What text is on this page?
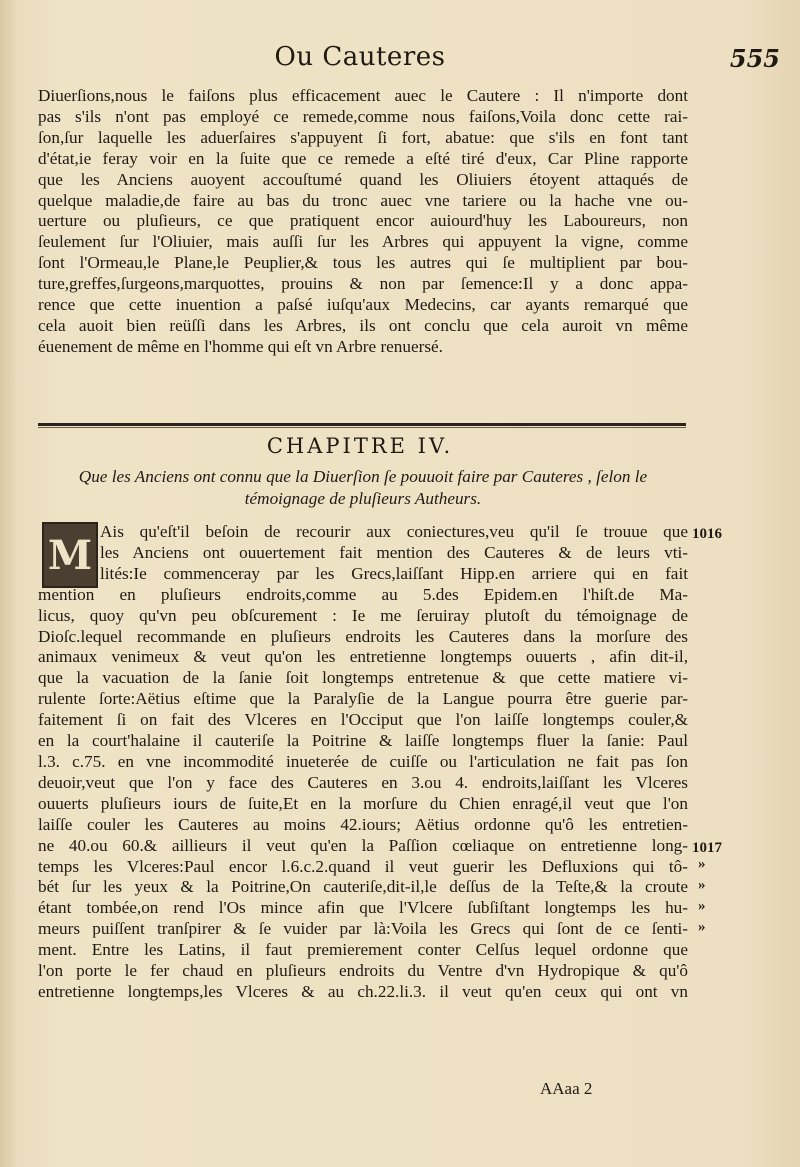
Ou Cauteres	555
Diuerſions,nous le faiſons plus efficacement auec le Cautere : Il n'importe dont
pas s'ils n'ont pas employé ce remede,comme nous faiſons,Voila donc cette rai-
ſon,ſur laquelle les aduerſaires s'appuyent ſi fort, abatue: que s'ils en font tant
d'état,ie feray voir en la ſuite que ce remede a eſté tiré d'eux, Car Pline rapporte
que les Anciens auoyent accouſtumé quand les Oliuiers étoyent attaqués de
quelque maladie,de faire au bas du tronc auec vne tariere ou la hache vne ou-
uerture ou pluſieurs, ce que pratiquent encor auiourd'huy les Laboureurs, non
ſeulement ſur l'Oliuier, mais auſſi ſur les Arbres qui appuyent la vigne, comme
ſont l'Ormeau,le Plane,le Peuplier,& tous les autres qui ſe multiplient par bou-
ture,greffes,ſurgeons,marquottes, prouins & non par ſemence:Il y a donc appa-
rence que cette inuention a paſsé iuſqu'aux Medecins, car ayants remarqué que
cela auoit bien reüſſi dans les Arbres, ils ont conclu que cela auroit vn même
éuenement de même en l'homme qui eſt vn Arbre renuersé.
CHAPITRE IV.
Que les Anciens ont connu que la Diuerſion ſe pouuoit faire par Cauteres , ſelon le
témoignage de pluſieurs Autheurs.
M Ais qu'eſt'il beſoin de recourir aux coniectures,veu qu'il ſe trouue que
les Anciens ont ouuertement fait mention des Cauteres & de leurs vti-
lités:Ie commenceray par les Grecs,laiſſant Hipp.en arriere qui en fait
mention en pluſieurs endroits,comme au 5.des Epidem.en l'hiſt.de Ma-
licus, quoy qu'vn peu obſcurement : Ie me ſeruiray plutoſt du témoignage de
Dioſc.lequel recommande en pluſieurs endroits les Cauteres dans la morſure des
animaux venimeux & veut qu'on les entretienne longtemps ouuerts , afin dit-il,
que la vacuation de la ſanie ſoit longtemps entretenue & que cette matiere vi-
rulente ſorte:Aëtius eſtime que la Paralyſie de la Langue pourra être guerie par-
faitement ſi on fait des Vlceres en l'Occiput que l'on laiſſe longtemps couler,&
en la court'halaine il cauteriſe la Poitrine & laiſſe longtemps fluer la ſanie: Paul
l.3. c.75. en vne incommodité inueterée de cuiſſe ou l'articulation ne fait pas ſon
deuoir,veut que l'on y face des Cauteres en 3.ou 4. endroits,laiſſant les Vlceres
ouuerts pluſieurs iours de ſuite,Et en la morſure du Chien enragé,il veut que l'on
laiſſe couler les Cauteres au moins 42.iours; Aëtius ordonne qu'ô les entretien-
ne 40.ou 60.& aillieurs il veut qu'en la Paſſion cœliaque on entretienne long-
temps les Vlceres:Paul encor l.6.c.2.quand il veut guerir les Defluxions qui tô-
bét ſur les yeux & la Poitrine,On cauteriſe,dit-il,le deſſus de la Teſte,& la croute
étant tombée,on rend l'Os mince afin que l'Vlcere ſubſiſtant longtemps les hu-
meurs puiſſent tranſpirer & ſe vuider par là:Voila les Grecs qui ſont de ce ſenti-
ment. Entre les Latins, il faut premierement conter Celſus lequel ordonne que
l'on porte le fer chaud en pluſieurs endroits du Ventre d'vn Hydropique & qu'ô
entretienne longtemps,les Vlceres & au ch.22.li.3. il veut qu'en ceux qui ont vn
1016
1017
»
»
»
»
AAaa 2
